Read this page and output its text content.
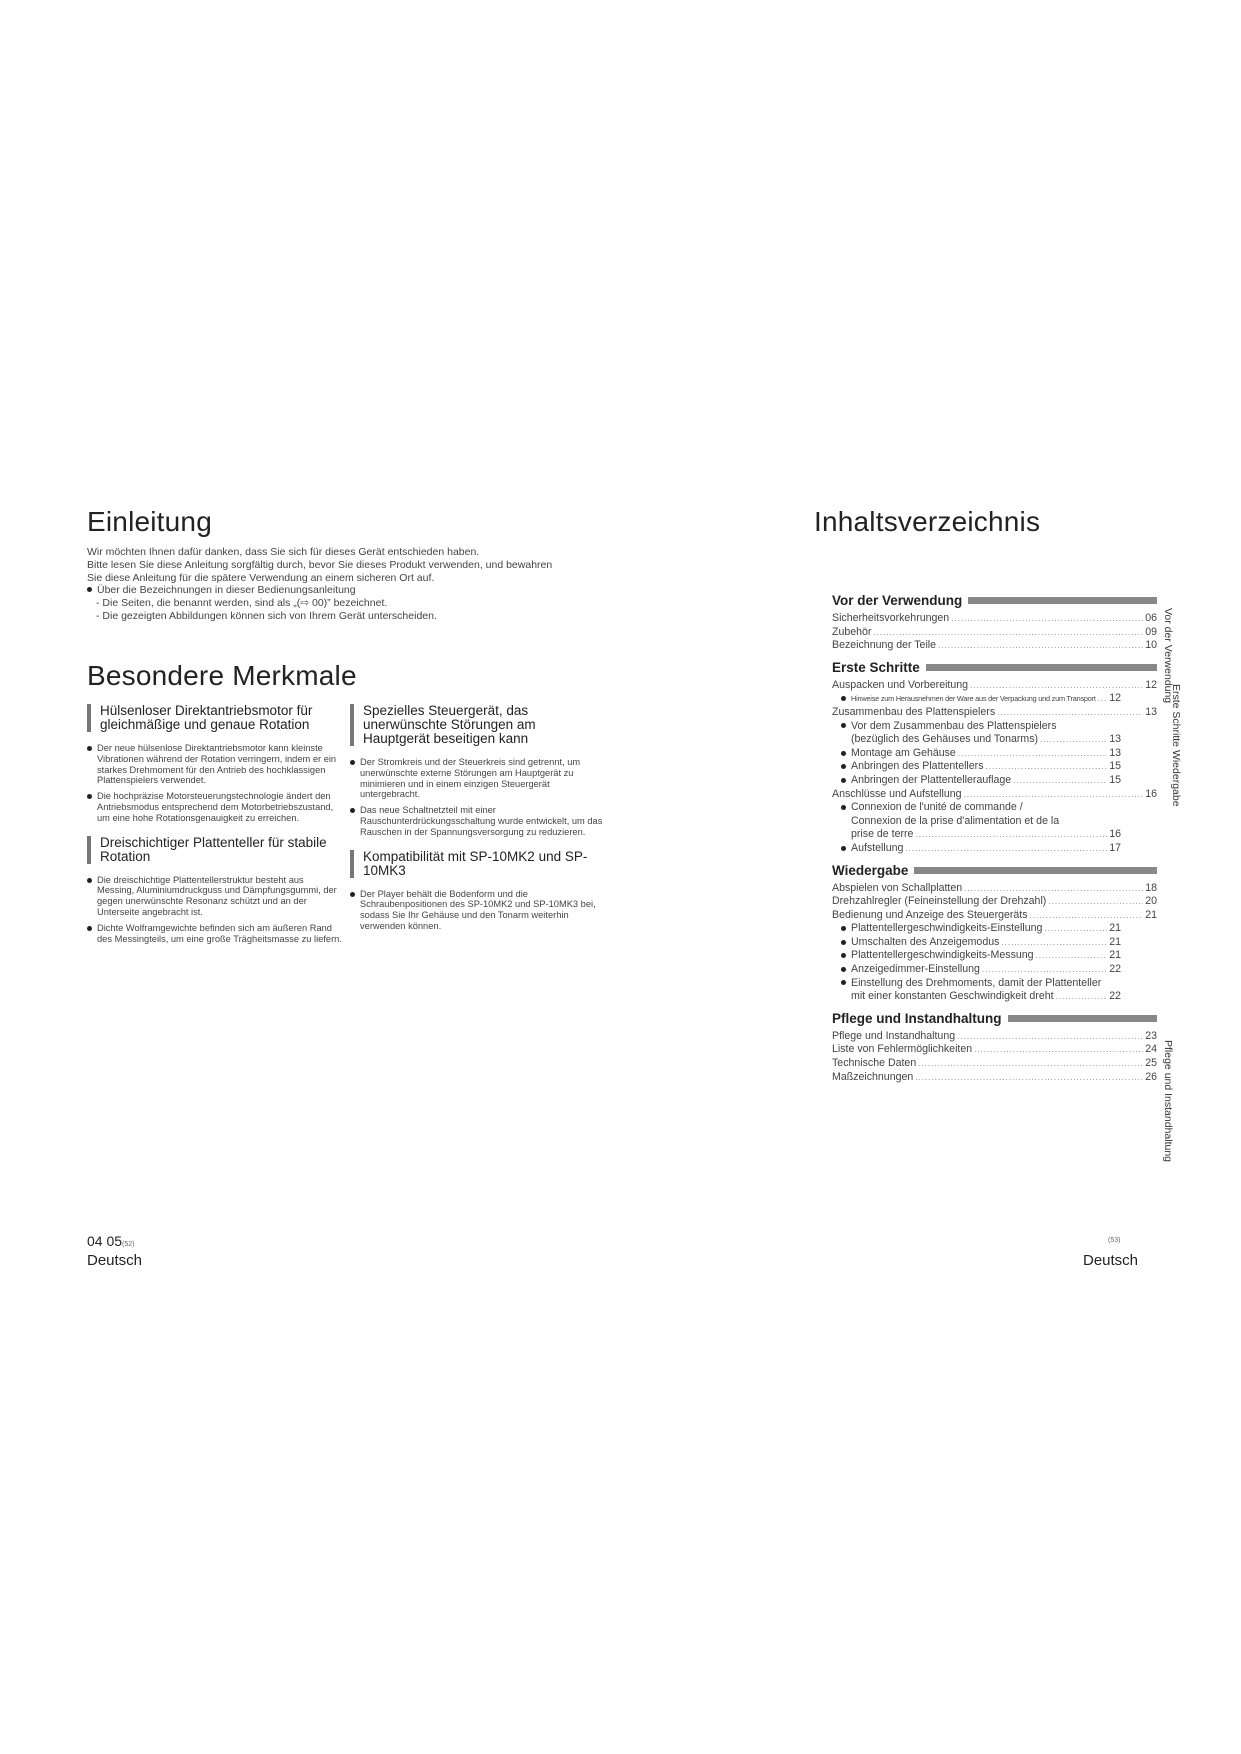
Einleitung

Wir möchten Ihnen dafür danken, dass Sie sich für dieses Gerät entschieden haben.

Bitte lesen Sie diese Anleitung sorgfältig durch, bevor Sie dieses Produkt verwenden, und bewahren

Sie diese Anleitung für die spätere Verwendung an einem sicheren Ort auf.

Über die Bezeichnungen in dieser Bedienungsanleitung

- Die Seiten, die benannt werden, sind als „(⇨ 00)” bezeichnet.

- Die gezeigten Abbildungen können sich von Ihrem Gerät unterscheiden.

Besondere Merkmale
Hülsenloser Direktantriebsmotor für gleichmäßige und genaue Rotation
Der neue hülsenlose Direktantriebsmotor kann kleinste Vibrationen während der Rotation verringern, indem er ein starkes Drehmoment für den Antrieb des hochklassigen Plattenspielers verwendet.
Die hochpräzise Motorsteuerungstechnologie ändert den Antriebsmodus entsprechend dem Motorbetriebszustand, um eine hohe Rotationsgenauigkeit zu erreichen.
Dreischichtiger Plattenteller für stabile Rotation
Die dreischichtige Plattentellerstruktur besteht aus Messing, Aluminiumdruckguss und Dämpfungsgummi, der gegen unerwünschte Resonanz schützt und an der Unterseite angebracht ist.
Dichte Wolframgewichte befinden sich am äußeren Rand des Messingteils, um eine große Trägheitsmasse zu liefern.
Spezielles Steuergerät, das unerwünschte Störungen am Hauptgerät beseitigen kann
Der Stromkreis und der Steuerkreis sind getrennt, um unerwünschte externe Störungen am Hauptgerät zu minimieren und in einem einzigen Steuergerät untergebracht.
Das neue Schaltnetzteil mit einer Rauschunterdrückungsschaltung wurde entwickelt, um das Rauschen in der Spannungsversorgung zu reduzieren.
Kompatibilität mit SP-10MK2 und SP-10MK3
Der Player behält die Bodenform und die Schraubenpositionen des SP-10MK2 und SP-10MK3 bei, sodass Sie Ihr Gehäuse und den Tonarm weiterhin verwenden können.
04 05(52)
Deutsch
Inhaltsverzeichnis
Vor der Verwendung
Sicherheitsvorkehrungen .....	06
Zubehör .....	09
Bezeichnung der Teile .....	10
Erste Schritte
Auspacken und Vorbereitung .....	12
Hinweise zum Herausnehmen der Ware aus der Verpackung und zum Transport ..... 12
Zusammenbau des Plattenspielers .....	13
Vor dem Zusammenbau des Plattenspielers
(bezüglich des Gehäuses und Tonarms) .....	13
Montage am Gehäuse .....	13
Anbringen des Plattentellers .....	15
Anbringen der Plattentellerauflage .....	15
Anschlüsse und Aufstellung .....	16
Connexion de l'unité de commande /
Connexion de la prise d'alimentation et de la
prise de terre .....	16
Aufstellung .....	17
Wiedergabe
Abspielen von Schallplatten .....	18
Drehzahlregler (Feineinstellung der Drehzahl) .....	20
Bedienung und Anzeige des Steuergeräts .....	21
Plattentellergeschwindigkeits-Einstellung .....	21
Umschalten des Anzeigemodus .....	21
Plattentellergeschwindigkeits-Messung .....	21
Anzeigedimmer-Einstellung .....	22
Einstellung des Drehmoments, damit der Plattenteller
mit einer konstanten Geschwindigkeit dreht .....	22
Pflege und Instandhaltung
Pflege und Instandhaltung .....	23
Liste von Fehlermöglichkeiten .....	24
Technische Daten .....	25
Maßzeichnungen .....	26
Vor der Verwendung
Erste Schritte Wiedergabe
Pflege und Instandhaltung
(53)
Deutsch
